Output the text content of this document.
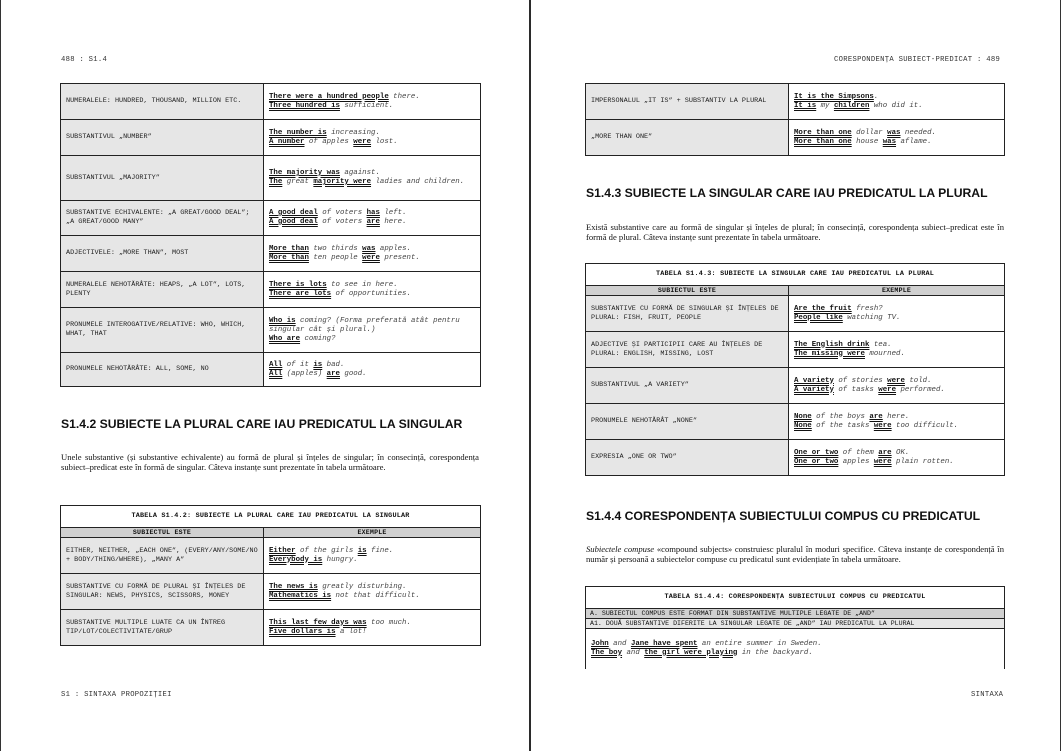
488 : S1.4
NUMERALELE: HUNDRED, THOUSAND, MILLION ETC.	There were a hundred people there.
Three hundred is sufficient.

SUBSTANTIVUL „NUMBER”	The number is increasing.
A number of apples were lost.

SUBSTANTIVUL „MAJORITY”	The majority was against.
The great majority were ladies and children.

SUBSTANTIVE ECHIVALENTE: „A GREAT/GOOD DEAL”; „A GREAT/GOOD MANY”	A good deal of voters has left.
A good deal of voters are here.

ADJECTIVELE: „MORE THAN”, MOST	More than two thirds was apples.
More than ten people were present.

NUMERALELE NEHOTĂRÂTE: HEAPS, „A LOT”, LOTS, PLENTY	There is lots to see in here.
There are lots of opportunities.

PRONUMELE INTEROGATIVE/RELATIVE: WHO, WHICH, WHAT, THAT	Who is coming? (Forma preferată atât pentru singular cât și plural.)
Who are coming?

PRONUMELE NEHOTĂRÂTE: ALL, SOME, NO	All of it is bad.
All (apples) are good.
S1.4.2 SUBIECTE LA PLURAL CARE IAU PREDICATUL LA SINGULAR

Unele substantive (și substantive echivalente) au formă de plural și înțeles de singular; în consecință, corespondența subiect–predicat este în formă de singular. Câteva instanțe sunt prezentate în tabela următoare.

TABELA S1.4.2: SUBIECTE LA PLURAL CARE IAU PREDICATUL LA SINGULAR	
SUBIECTUL ESTE	EXEMPLE
EITHER, NEITHER, „EACH ONE”, (EVERY/ANY/SOME/NO + BODY/THING/WHERE), „MANY A”	Either of the girls is fine.
Everybody is hungry.

SUBSTANTIVE CU FORMĂ DE PLURAL ȘI ÎNȚELES DE SINGULAR: NEWS, PHYSICS, SCISSORS, MONEY	The news is greatly disturbing.
Mathematics is not that difficult.

SUBSTANTIVE MULTIPLE LUATE CA UN ÎNTREG TIP/LOT/COLECTIVITATE/GRUP	This last few days was too much.
Five dollars is a lot!
S1 : SINTAXA PROPOZIȚIEI
CORESPONDENȚA SUBIECT-PREDICAT : 489
IMPERSONALUL „IT IS” + SUBSTANTIV LA PLURAL	It is the Simpsons.
It is my children who did it.

„MORE THAN ONE”	More than one dollar was needed.
More than one house was aflame.
S1.4.3 SUBIECTE LA SINGULAR CARE IAU PREDICATUL LA PLURAL

Există substantive care au formă de singular și înțeles de plural; în consecință, corespondența subiect–predicat este în formă de plural. Câteva instanțe sunt prezentate în tabela următoare.

TABELA S1.4.3: SUBIECTE LA SINGULAR CARE IAU PREDICATUL LA PLURAL	
SUBIECTUL ESTE	EXEMPLE
SUBSTANTIVE CU FORMĂ DE SINGULAR ȘI ÎNȚELES DE PLURAL: FISH, FRUIT, PEOPLE	Are the fruit fresh?
People like watching TV.

ADJECTIVE ȘI PARTICIPII CARE AU ÎNȚELES DE PLURAL: ENGLISH, MISSING, LOST	The English drink tea.
The missing were mourned.

SUBSTANTIVUL „A VARIETY”	A variety of stories were told.
A variety of tasks were performed.

PRONUMELE NEHOTĂRÂT „NONE”	None of the boys are here.
None of the tasks were too difficult.

EXPRESIA „ONE OR TWO”	One or two of them are OK.
One or two apples were plain rotten.
S1.4.4 CORESPONDENȚA SUBIECTULUI COMPUS CU PREDICATUL

Subiectele compuse «compound subjects» construiesc pluralul în moduri specifice. Câteva instanțe de corespondență în număr și persoană a subiectelor compuse cu predicatul sunt evidențiate în tabela următoare.

TABELA S1.4.4: CORESPONDENȚA SUBIECTULUI COMPUS CU PREDICATUL
A. SUBIECTUL COMPUS ESTE FORMAT DIN SUBSTANTIVE MULTIPLE LEGATE DE „AND”
A1. DOUĂ SUBSTANTIVE DIFERITE LA SINGULAR LEGATE DE „AND” IAU PREDICATUL LA PLURAL

John and Jane have spent an entire summer in Sweden.
The boy and the girl were playing in the backyard.
SINTAXA
